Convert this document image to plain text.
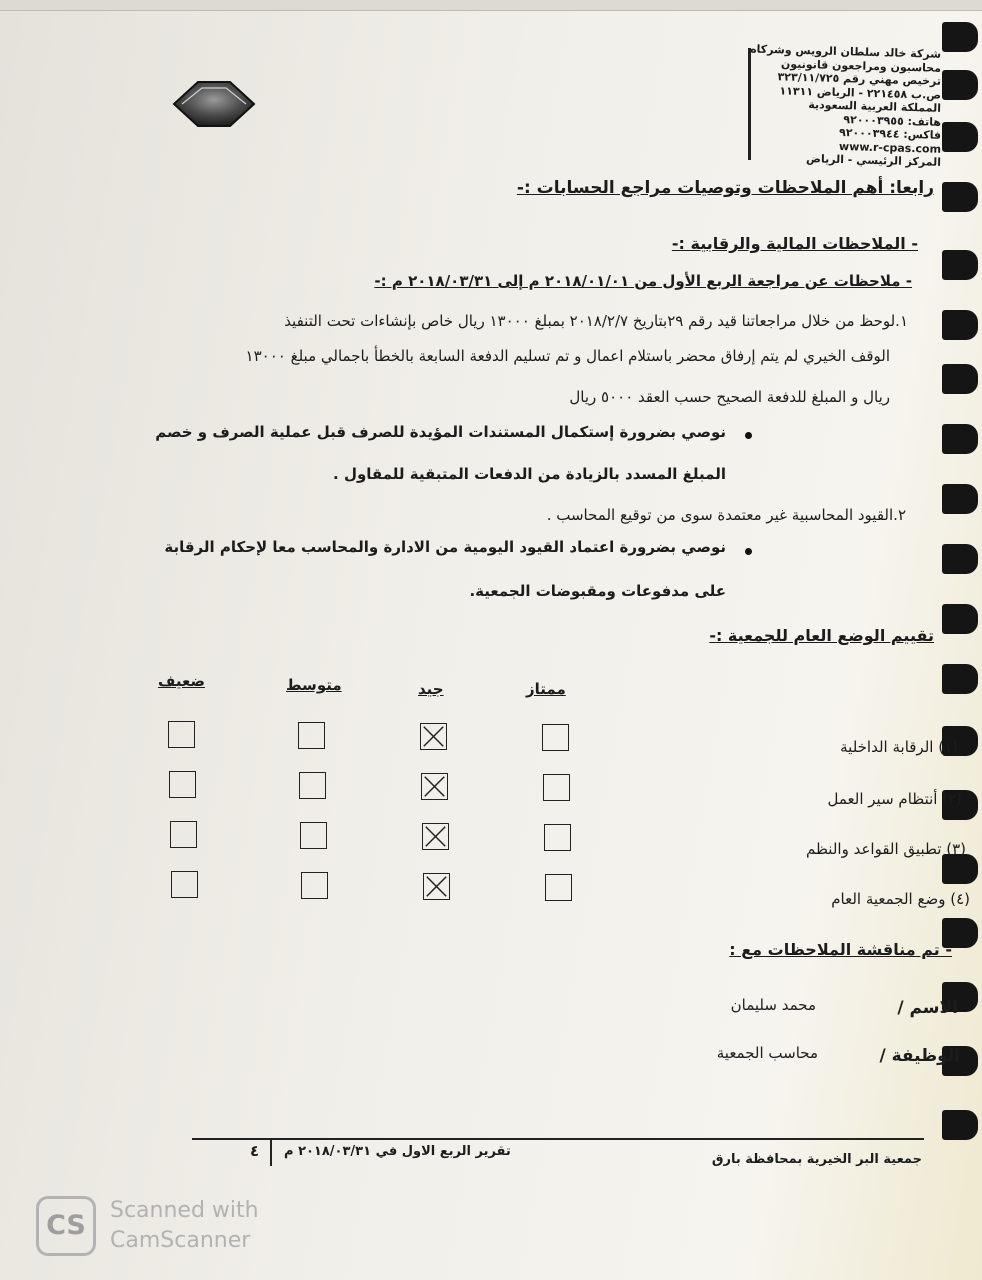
شركة خالد سلطان الرويس وشركاه
محاسبون ومراجعون قانونيون
ترخيص مهني رقم ٣٢٣/١١/٧٢٥
ص.ب ٢٢١٤٥٨ - الرياض ١١٣١١
المملكة العربية السعودية
هاتف: ٩٢٠٠٠٣٩٥٥
فاكس: ٩٢٠٠٠٣٩٤٤
www.r-cpas.com
المركز الرئيسي - الرياض
رابعا: أهم الملاحظات وتوصيات مراجع الحسابات :-
- الملاحظات المالية والرقابية :-
- ملاحظات عن مراجعة الربع الأول من ٢٠١٨/٠١/٠١ م إلى ٢٠١٨/٠٣/٣١ م :-
١.لوحظ من خلال مراجعاتنا قيد رقم ٢٩بتاريخ ٢٠١٨/٢/٧ بمبلغ ١٣٠٠٠ ريال خاص بإنشاءات تحت التنفيذ
الوقف الخيري لم يتم إرفاق محضر باستلام اعمال و تم تسليم الدفعة السابعة بالخطأ باجمالي مبلغ ١٣٠٠٠
ريال و المبلغ للدفعة الصحيح حسب العقد ٥٠٠٠ ريال
نوصي بضرورة إستكمال المستندات المؤيدة للصرف قبل عملية الصرف و خصم
المبلغ المسدد بالزيادة من الدفعات المتبقية للمقاول .
٢.القيود المحاسبية غير معتمدة سوى من توقيع المحاسب .
نوصي بضرورة اعتماد القيود اليومية من الادارة والمحاسب معا لإحكام الرقابة
على مدفوعات ومقبوضات الجمعية.
تقييم الوضع العام للجمعية :-
ممتاز
جيد
متوسط
ضعيف
(١) الرقابة الداخلية
(٢) أنتظام سير العمل
(٣) تطبيق القواعد والنظم
(٤) وضع الجمعية العام
- تم مناقشة الملاحظات مع :
الاسم /
محمد سليمان
الوظيفة /
محاسب الجمعية
جمعية البر الخيرية بمحافظة بارق
تقرير الربع الاول في ٢٠١٨/٠٣/٣١ م
٤
CS	Scanned with
CamScanner
